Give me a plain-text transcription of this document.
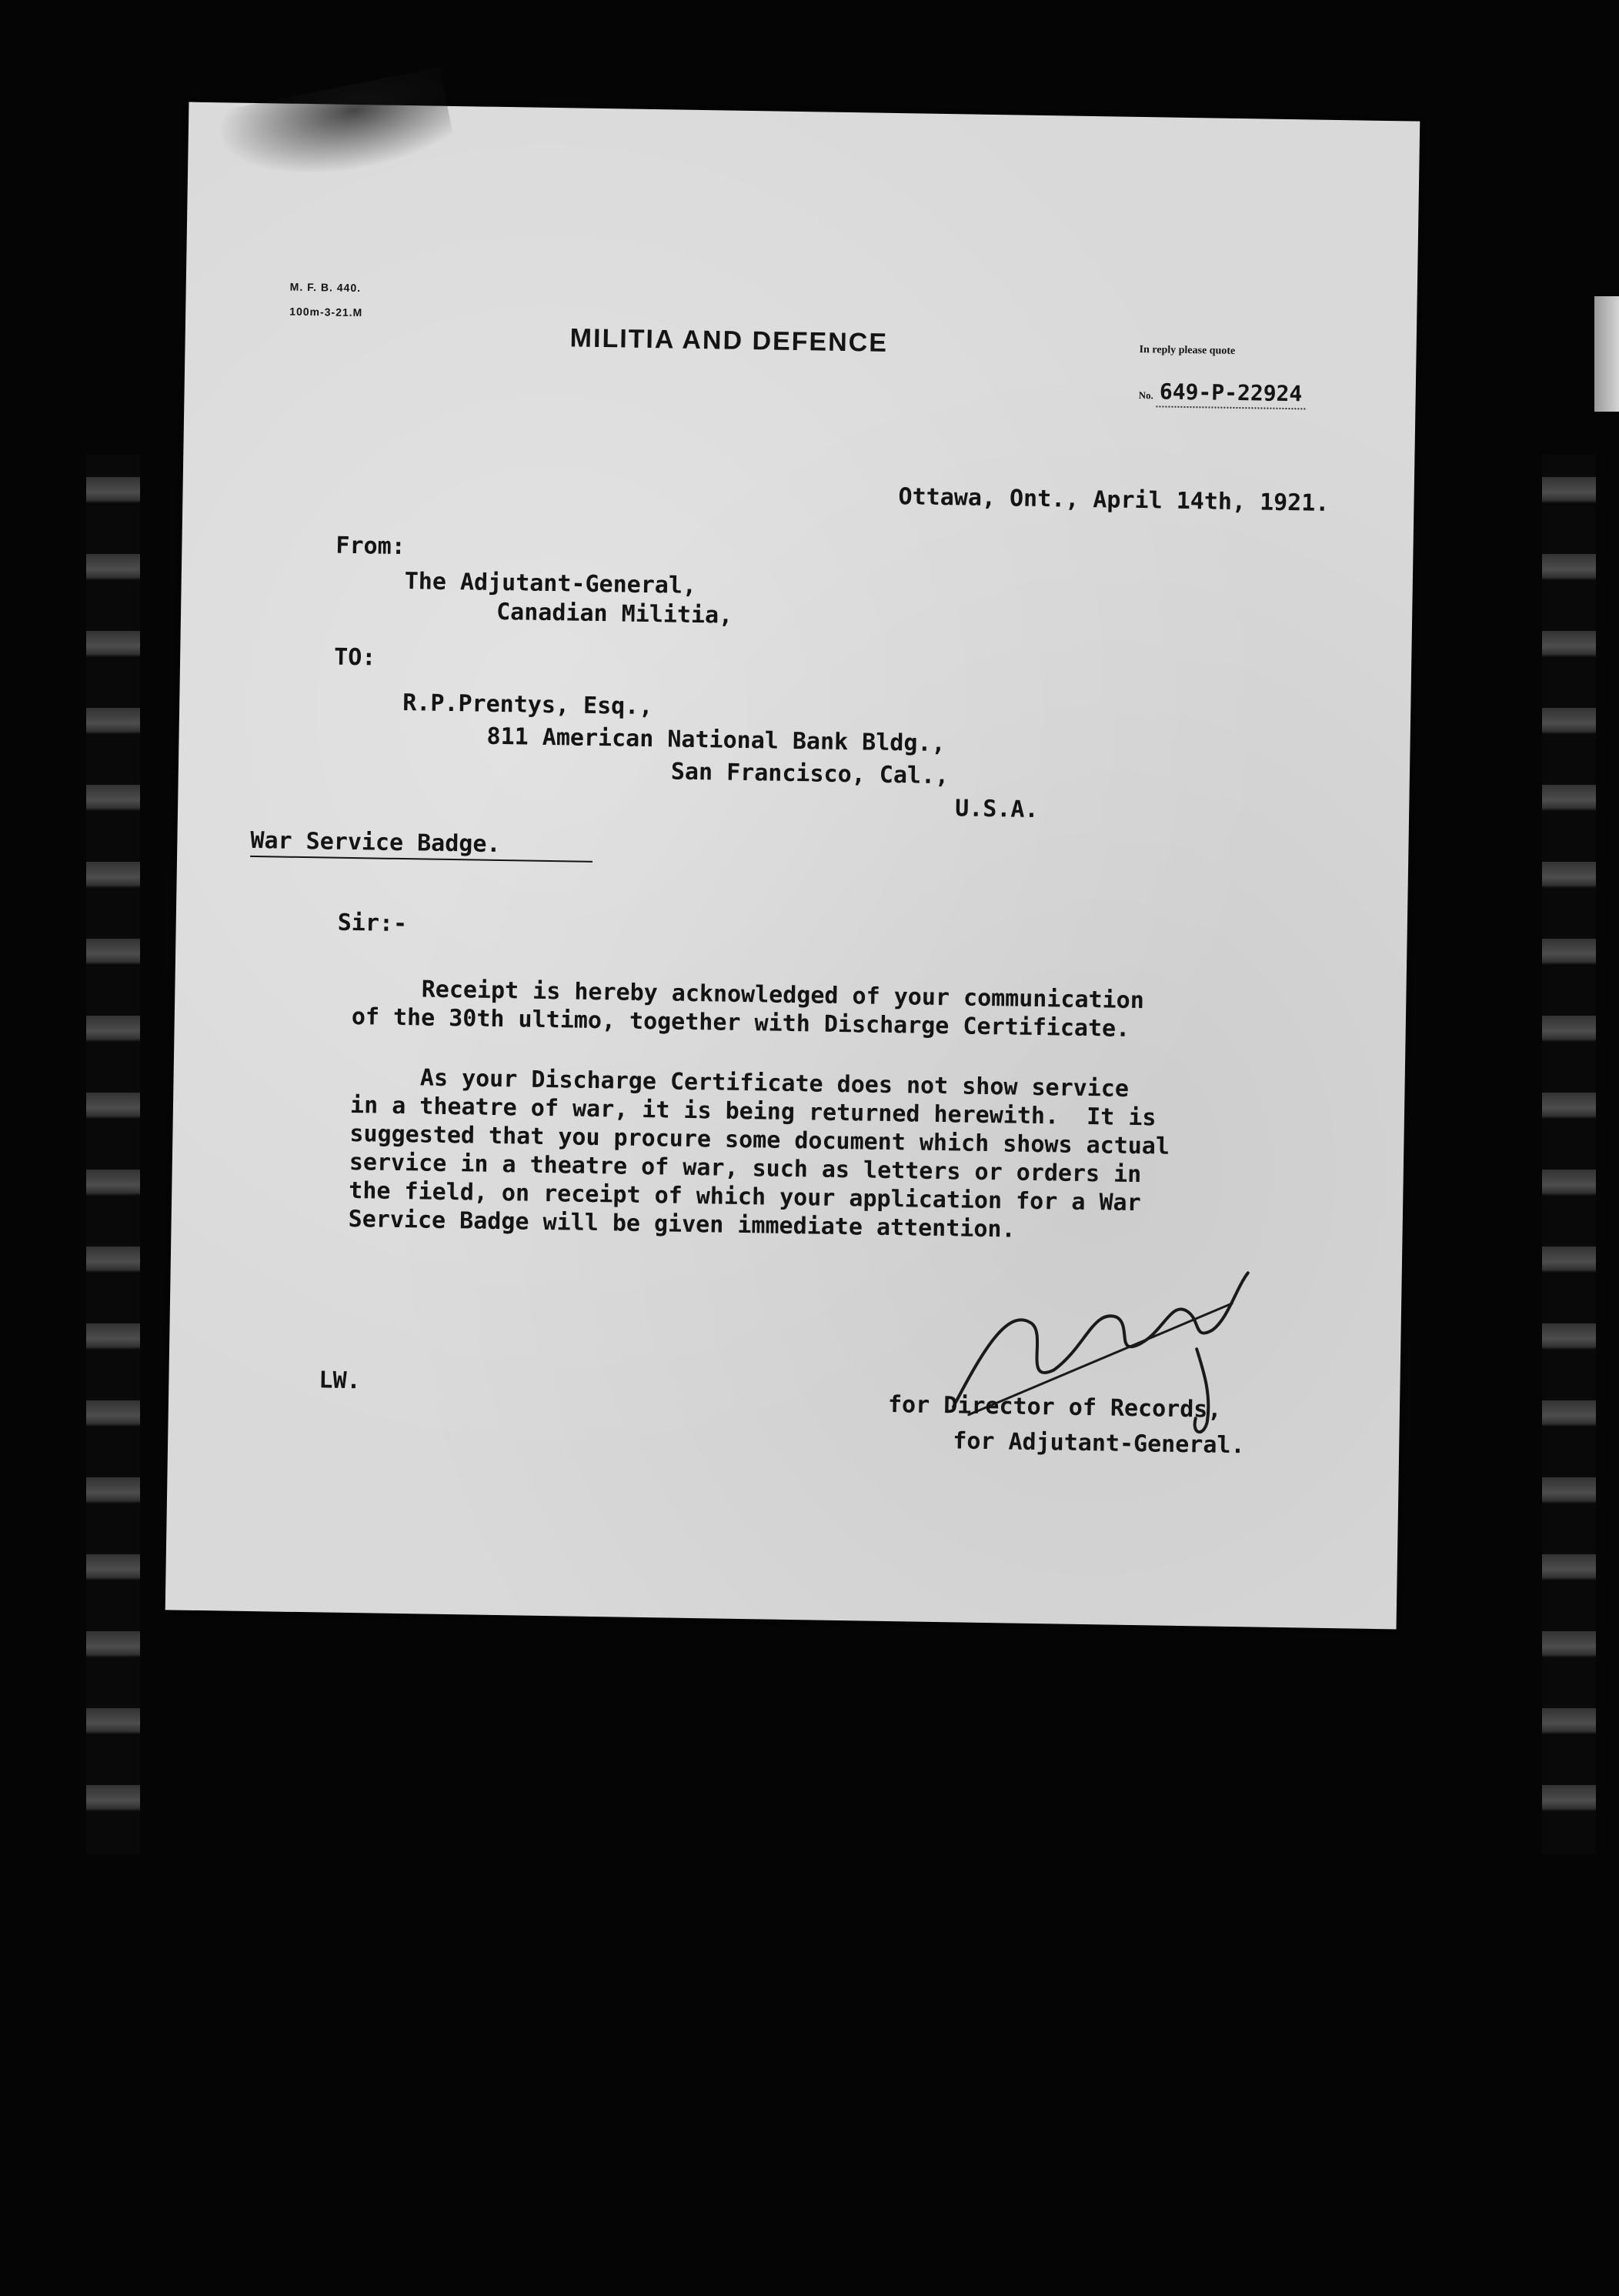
M. F. B. 440.
100m-3-21.M
MILITIA AND DEFENCE	In reply please quote
No. 649-P-22924
Ottawa, Ont., April 14th, 1921.
From:
The Adjutant-General,
Canadian Militia,
TO:
R.P.Prentys, Esq.,
811 American National Bank Bldg.,
San Francisco, Cal.,
U.S.A.
War Service Badge.
Sir:-

Receipt is hereby acknowledged of your communication
of the 30th ultimo, together with Discharge Certificate.

As your Discharge Certificate does not show service
in a theatre of war, it is being returned herewith.  It is
suggested that you procure some document which shows actual
service in a theatre of war, such as letters or orders in
the field, on receipt of which your application for a War
Service Badge will be given immediate attention.

LW.
for Director of Records,
for Adjutant-General.
